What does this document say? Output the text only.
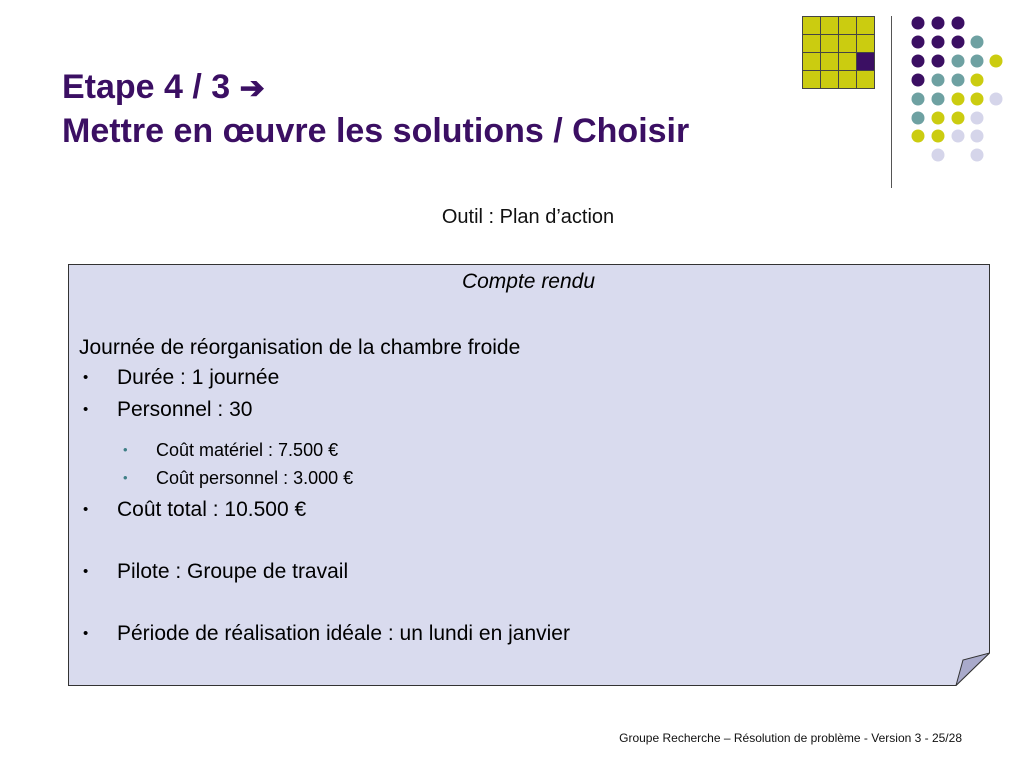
Etape 4 / 3 ➔
Mettre en œuvre les solutions / Choisir
Outil : Plan d’action

Compte rendu

Journée de réorganisation de la chambre froide

• Durée : 1 journée
• Personnel : 30
• Coût matériel : 7.500 €
• Coût personnel : 3.000 €
• Coût total : 10.500 €
• Pilote : Groupe de travail
• Période de réalisation idéale : un lundi en janvier
Groupe Recherche – Résolution de problème - Version 3 - 25/28
